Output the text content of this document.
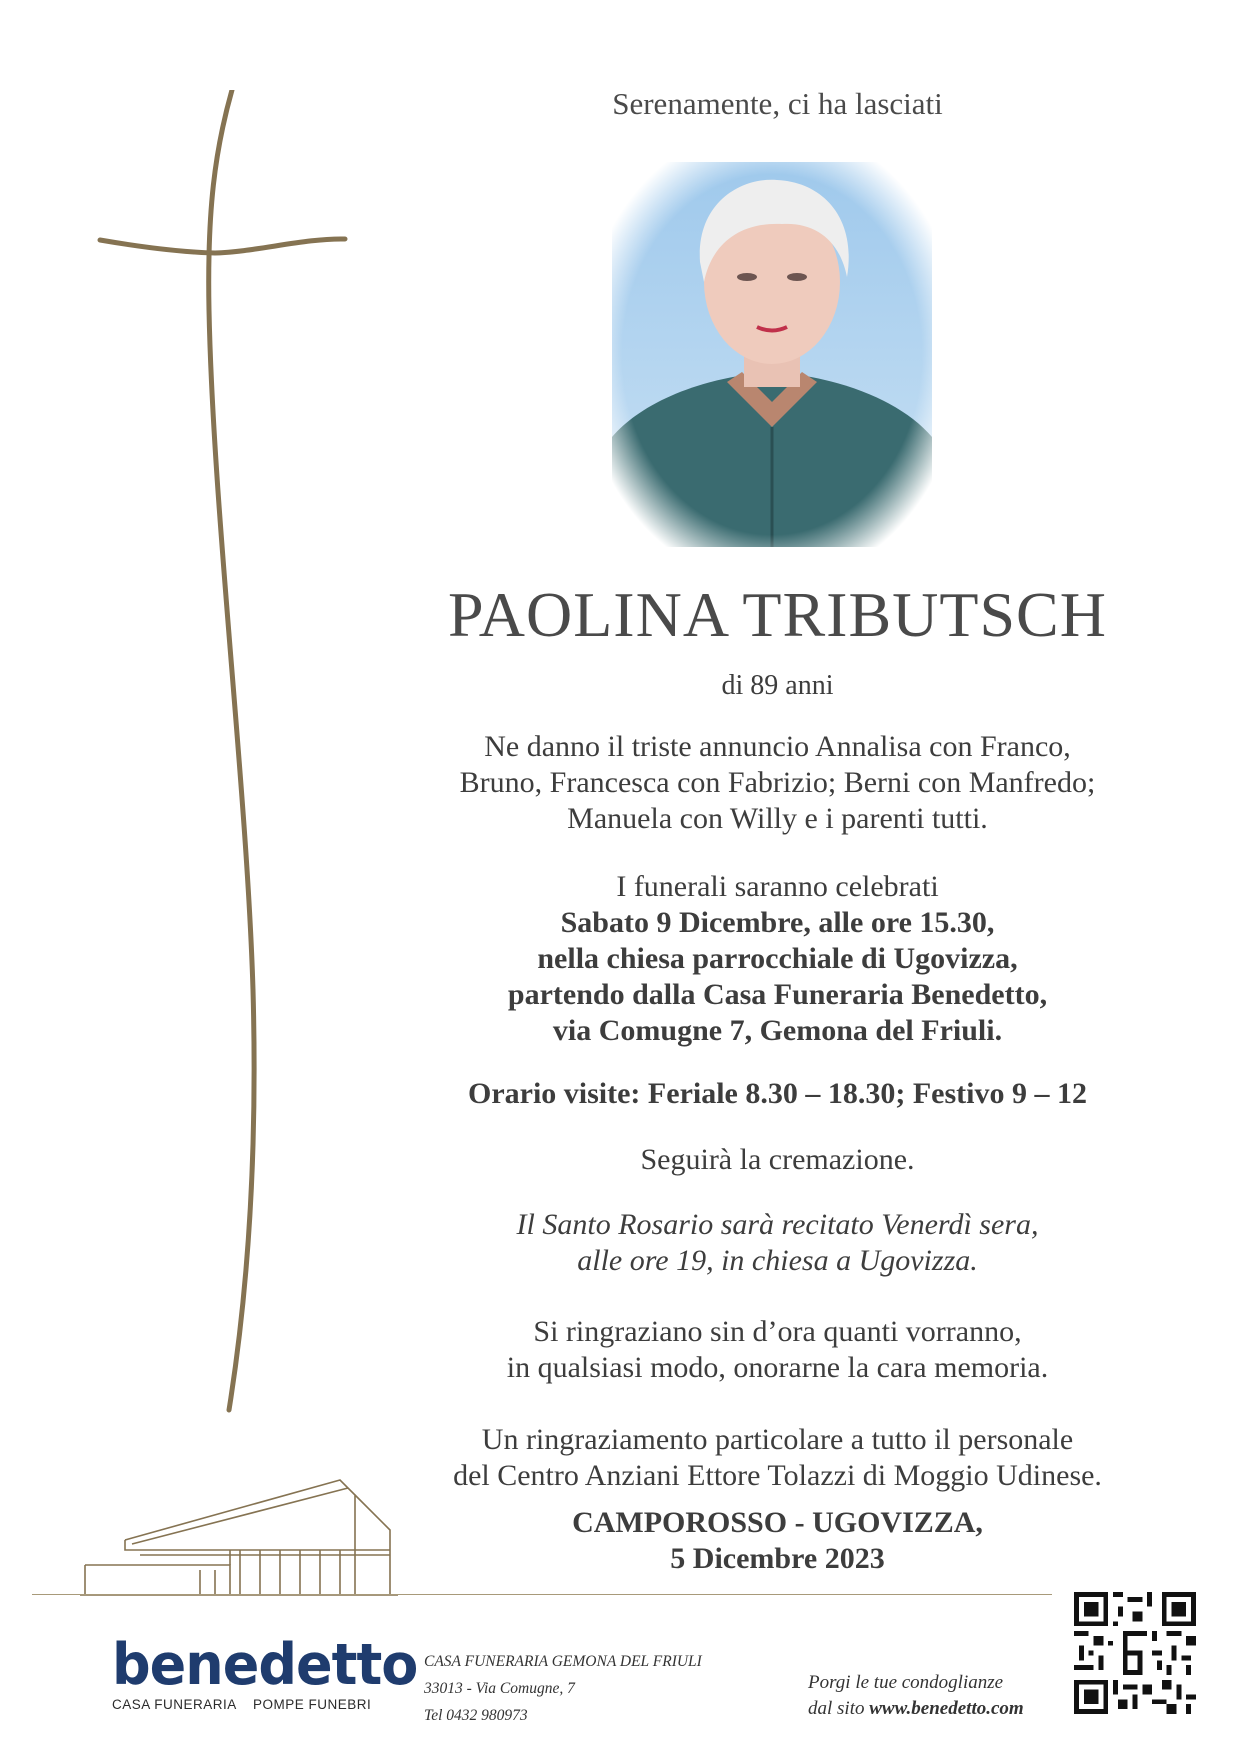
Serenamente, ci ha lasciati
PAOLINA TRIBUTSCH
di 89 anni
Ne danno il triste annuncio Annalisa con Franco,
Bruno, Francesca con Fabrizio; Berni con Manfredo;
Manuela con Willy e i parenti tutti.
I funerali saranno celebrati
Sabato 9 Dicembre, alle ore 15.30,
nella chiesa parrocchiale di Ugovizza,
partendo dalla Casa Funeraria Benedetto,
via Comugne 7, Gemona del Friuli.
Orario visite: Feriale 8.30 – 18.30; Festivo 9 – 12
Seguirà la cremazione.
Il Santo Rosario sarà recitato Venerdì sera,
alle ore 19, in chiesa a Ugovizza.
Si ringraziano sin d’ora quanti vorranno,
in qualsiasi modo, onorarne la cara memoria.
Un ringraziamento particolare a tutto il personale
del Centro Anziani Ettore Tolazzi di Moggio Udinese.
CAMPOROSSO - UGOVIZZA,
5 Dicembre 2023
benedetto
CASA FUNERARIA POMPE FUNEBRI
CASA FUNERARIA GEMONA DEL FRIULI
33013 - Via Comugne, 7
Tel 0432 980973
Porgi le tue condoglianze
dal sito www.benedetto.com
